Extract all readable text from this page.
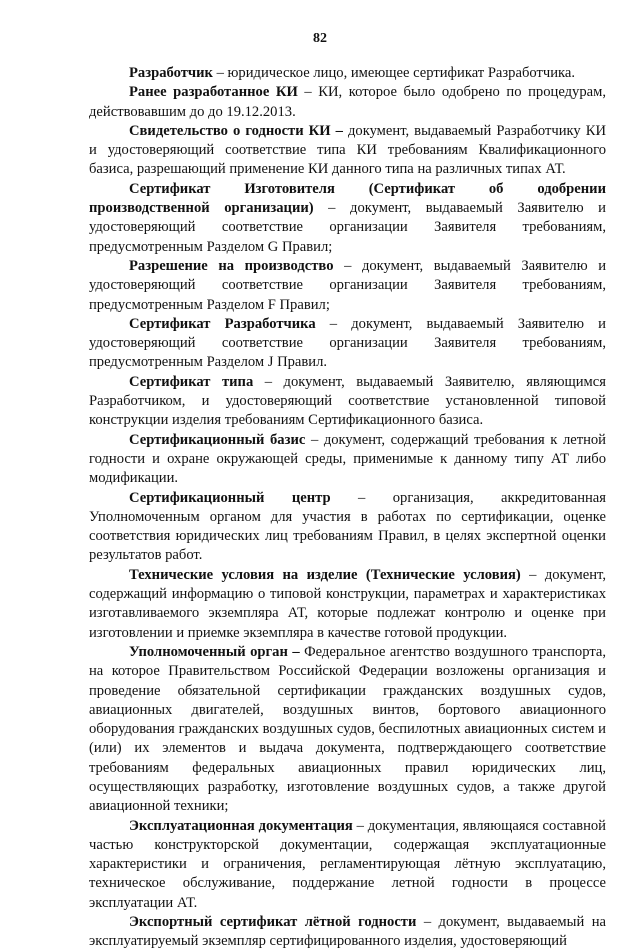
82

Разработчик – юридическое лицо, имеющее сертификат Разработчика.

Ранее разработанное КИ – КИ, которое было одобрено по процедурам, действовавшим до до 19.12.2013.

Свидетельство о годности КИ – документ, выдаваемый Разработчику КИ и удостоверяющий соответствие типа КИ требованиям Квалификационного базиса, разрешающий применение КИ данного типа на различных типах АТ.

Сертификат Изготовителя (Сертификат об одобрении производственной организации) – документ, выдаваемый Заявителю и удостоверяющий соответствие организации Заявителя требованиям, предусмотренным Разделом G Правил;

Разрешение на производство – документ, выдаваемый Заявителю и удостоверяющий соответствие организации Заявителя требованиям, предусмотренным Разделом F Правил;

Сертификат Разработчика – документ, выдаваемый Заявителю и удостоверяющий соответствие организации Заявителя требованиям, предусмотренным Разделом J Правил.

Сертификат типа – документ, выдаваемый Заявителю, являющимся Разработчиком, и удостоверяющий соответствие установленной типовой конструкции изделия требованиям Сертификационного базиса.

Сертификационный базис – документ, содержащий требования к летной годности и охране окружающей среды, применимые к данному типу АТ либо модификации.

Сертификационный центр – организация, аккредитованная Уполномоченным органом для участия в работах по сертификации, оценке соответствия юридических лиц требованиям Правил, в целях экспертной оценки результатов работ.

Технические условия на изделие (Технические условия) – документ, содержащий информацию о типовой конструкции, параметрах и характеристиках изготавливаемого экземпляра АТ, которые подлежат контролю и оценке при изготовлении и приемке экземпляра в качестве готовой продукции.

Уполномоченный орган – Федеральное агентство воздушного транспорта, на которое Правительством Российской Федерации возложены организация и проведение обязательной сертификации гражданских воздушных судов, авиационных двигателей, воздушных винтов, бортового авиационного оборудования гражданских воздушных судов, беспилотных авиационных систем и (или) их элементов и выдача документа, подтверждающего соответствие требованиям федеральных авиационных правил юридических лиц, осуществляющих разработку, изготовление воздушных судов, а также другой авиационной техники;

Эксплуатационная документация – документация, являющаяся составной частью конструкторской документации, содержащая эксплуатационные характеристики и ограничения, регламентирующая лётную эксплуатацию, техническое обслуживание, поддержание летной годности в процессе эксплуатации АТ.

Экспортный сертификат лётной годности – документ, выдаваемый на эксплуатируемый экземпляр сертифицированного изделия, удостоверяющий
